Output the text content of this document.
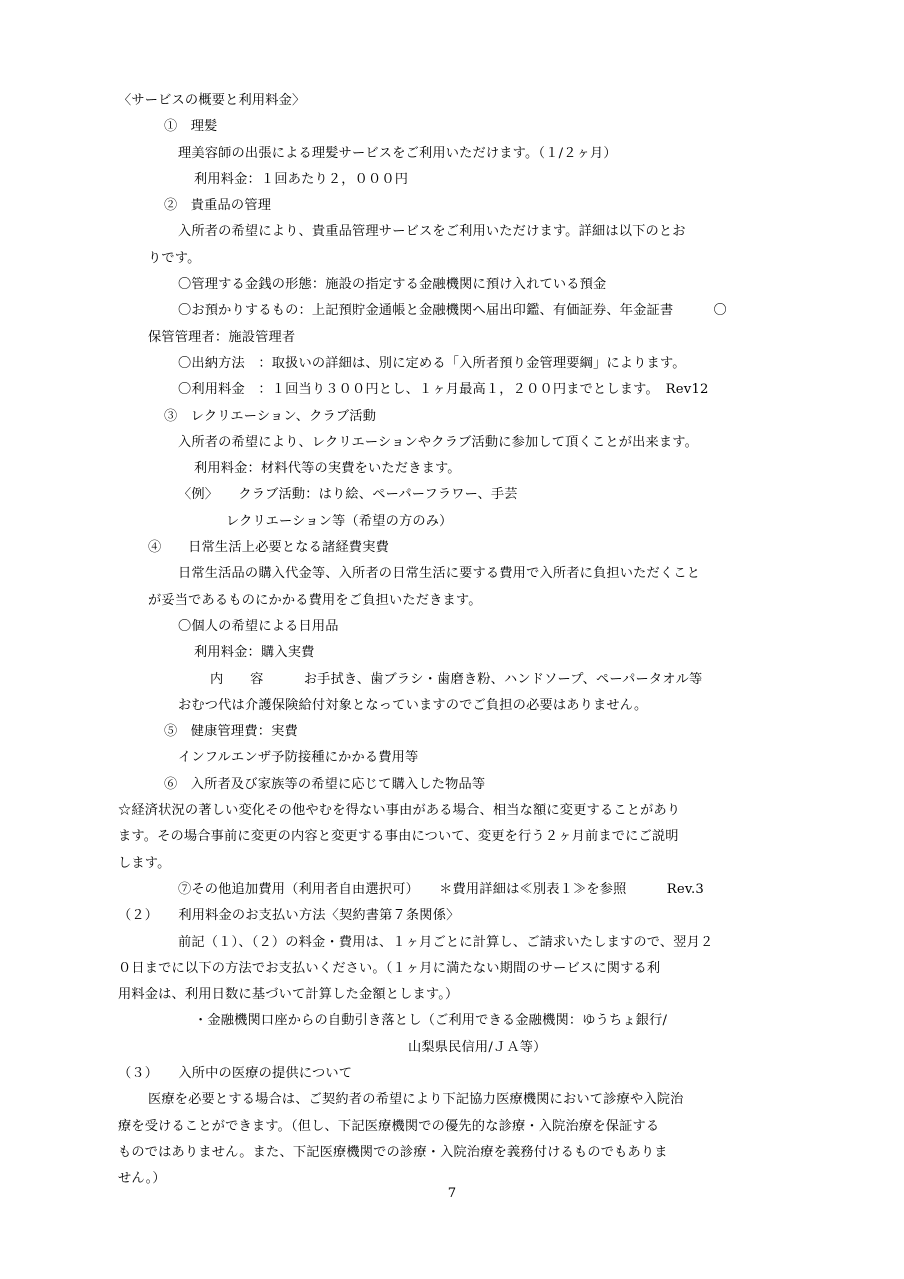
〈サービスの概要と利用料金〉
①　理髪
理美容師の出張による理髪サービスをご利用いただけます。（１/２ヶ月）
利用料金：１回あたり２，０００円
②　貴重品の管理
入所者の希望により、貴重品管理サービスをご利用いただけます。詳細は以下のとお
りです。
〇管理する金銭の形態：施設の指定する金融機関に預け入れている預金
〇お預かりするもの：上記預貯金通帳と金融機関へ届出印鑑、有価証券、年金証書　　　〇
保管管理者：施設管理者
〇出納方法　：取扱いの詳細は、別に定める「入所者預り金管理要綱」によります。
〇利用料金　：１回当り３００円とし、１ヶ月最高１，２００円までとします。　Rev12
③　レクリエーション、クラブ活動
入所者の希望により、レクリエーションやクラブ活動に参加して頂くことが出来ます。
利用料金：材料代等の実費をいただきます。
〈例〉　　クラブ活動：はり絵、ペーパーフラワー、手芸
レクリエーション等（希望の方のみ）
④　　日常生活上必要となる諸経費実費
日常生活品の購入代金等、入所者の日常生活に要する費用で入所者に負担いただくこと
が妥当であるものにかかる費用をご負担いただきます。
〇個人の希望による日用品
利用料金：購入実費
内　　容　　　お手拭き、歯ブラシ・歯磨き粉、ハンドソープ、ペーパータオル等
おむつ代は介護保険給付対象となっていますのでご負担の必要はありません。
⑤　健康管理費：実費
インフルエンザ予防接種にかかる費用等
⑥　入所者及び家族等の希望に応じて購入した物品等
☆経済状況の著しい変化その他やむを得ない事由がある場合、相当な額に変更することがあり
ます。その場合事前に変更の内容と変更する事由について、変更を行う２ヶ月前までにご説明
します。
⑦その他追加費用（利用者自由選択可）　　＊費用詳細は≪別表１≫を参照　　　Rev.3
（２）　　利用料金のお支払い方法〈契約書第７条関係〉
前記（１）、（２）の料金・費用は、１ヶ月ごとに計算し、ご請求いたしますので、翌月２
０日までに以下の方法でお支払いください。（１ヶ月に満たない期間のサービスに関する利
用料金は、利用日数に基づいて計算した金額とします。）
・金融機関口座からの自動引き落とし（ご利用できる金融機関：ゆうちょ銀行/
山梨県民信用/ＪＡ等）
（３）　　入所中の医療の提供について
医療を必要とする場合は、ご契約者の希望により下記協力医療機関において診療や入院治
療を受けることができます。（但し、下記医療機関での優先的な診療・入院治療を保証する
ものではありません。また、下記医療機関での診療・入院治療を義務付けるものでもありま
せん。）
7
